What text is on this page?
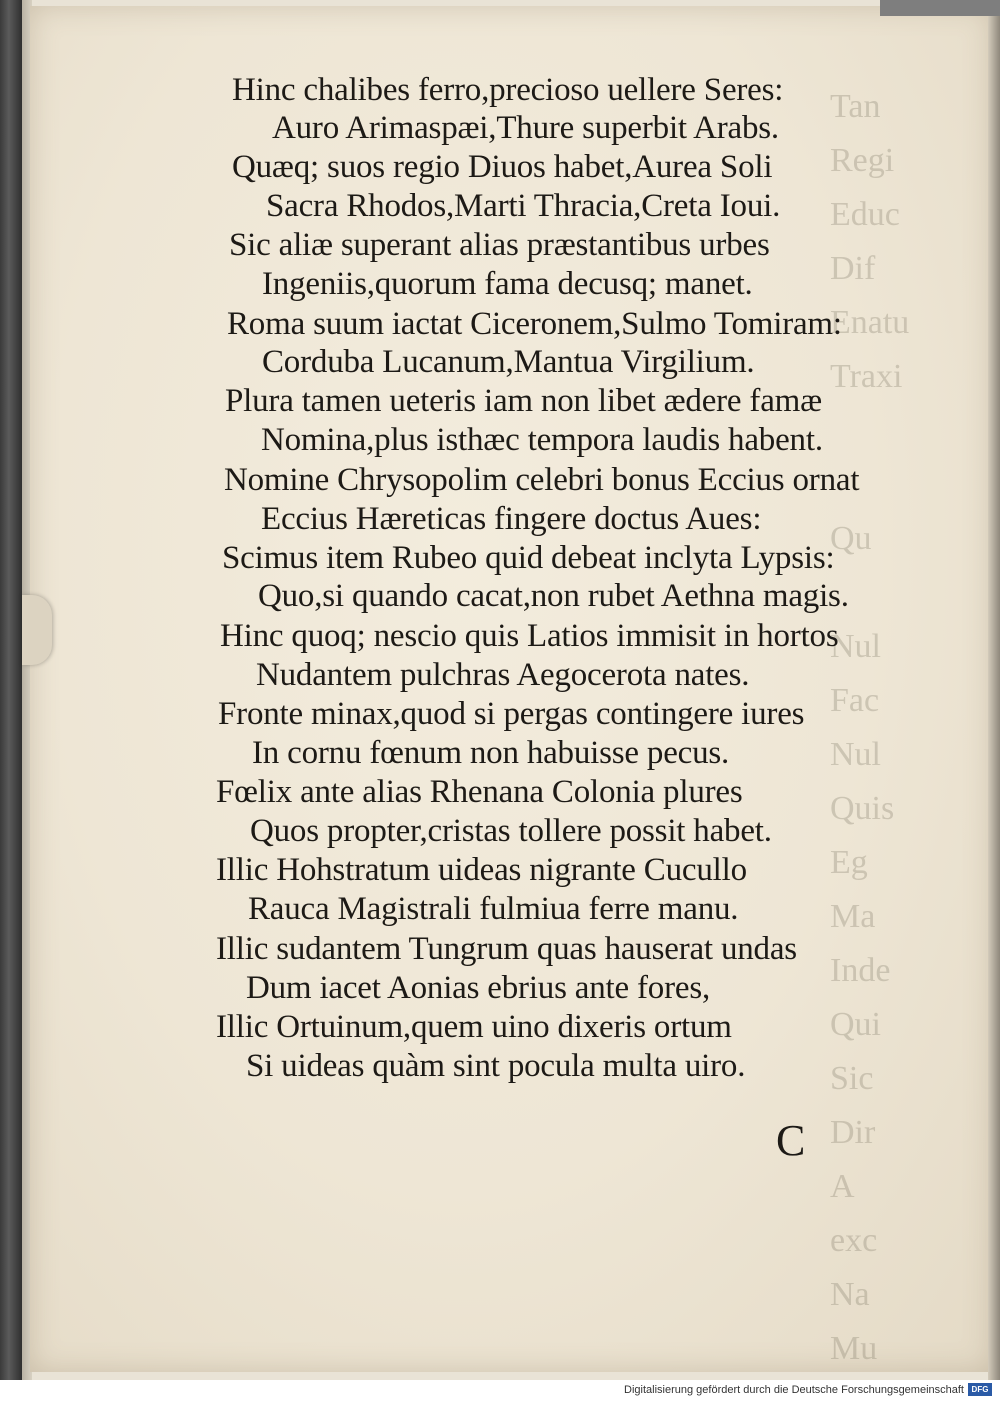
Tan
Regi
Educ
Dif
Enatu
Traxi
Qu
Nul
Fac
Nul
Quis
Eg
Ma
Inde
Qui
Sic
Dir
A
exc
Na
Mu
Hinc chalibes ferro,precioso uellere Seres:
Auro Arimaspæi,Thure superbit Arabs.
Quæq; suos regio Diuos habet,Aurea Soli
Sacra Rhodos,Marti Thracia,Creta Ioui.
Sic aliæ superant alias præstantibus urbes
Ingeniis,quorum fama decusq; manet.
Roma suum iactat Ciceronem,Sulmo Tomiram:
Corduba Lucanum,Mantua Virgilium.
Plura tamen ueteris iam non libet ædere famæ
Nomina,plus isthæc tempora laudis habent.
Nomine Chrysopolim celebri bonus Eccius ornat
Eccius Hæreticas fingere doctus Aues:
Scimus item Rubeo quid debeat inclyta Lypsis:
Quo,si quando cacat,non rubet Aethna magis.
Hinc quoq; nescio quis Latios immisit in hortos
Nudantem pulchras Aegocerota nates.
Fronte minax,quod si pergas contingere iures
In cornu fœnum non habuisse pecus.
Fœlix ante alias Rhenana Colonia plures
Quos propter,cristas tollere possit habet.
Illic Hohstratum uideas nigrante Cucullo
Rauca Magistrali fulmiua ferre manu.
Illic sudantem Tungrum quas hauserat undas
Dum iacet Aonias ebrius ante fores,
Illic Ortuinum,quem uino dixeris ortum
Si uideas quàm sint pocula multa uiro.
C
Digitalisierung gefördert durch die Deutsche Forschungsgemeinschaft DFG
